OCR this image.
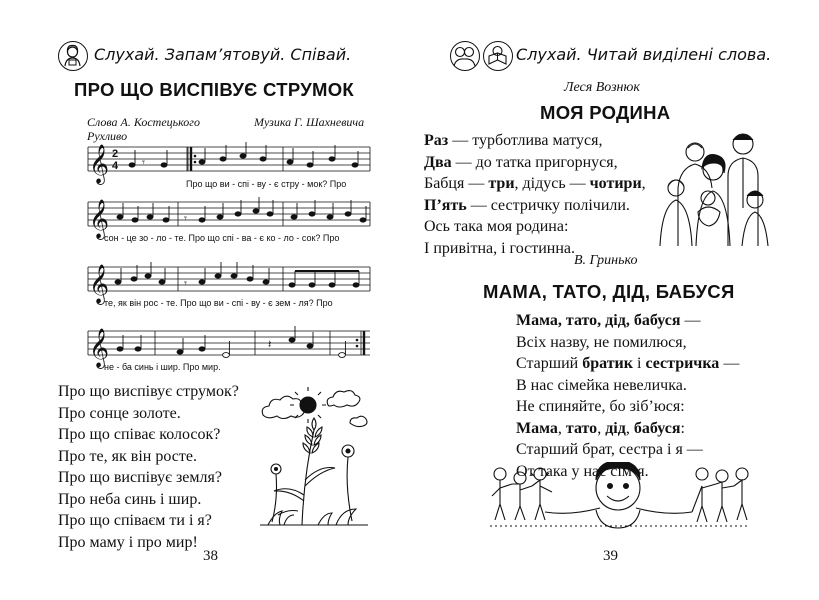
Слухай. Запам’ятовуй. Співай.
ПРО ЩО ВИСПІВУЄ СТРУМОК
Слова А. Костецького	Музика Г. Шахневича
Рухливо
𝄞
𝄞
𝄞
𝄞
2
4 𝄾
𝄾
𝄾
𝄽
Про що ви - спі - ву - є стру - мок? Про
сон - це зо - ло - те. Про що спі - ва - є ко - ло - сок? Про
те, як він рос - те. Про що ви - спі - ву - є зем - ля? Про
не - ба синь і шир. Про мир.
Про що виспівує струмок?
Про сонце золоте.
Про що співає колосок?
Про те, як він росте.
Про що виспівує земля?
Про неба синь і шир.
Про що співаєм ти і я?
Про маму і про мир!
38
Слухай. Читай виділені слова.
Леся Вознюк
МОЯ РОДИНА
Раз — турботлива матуся,
Два — до татка пригорнуся,
Бабця — три, дідусь — чотири,
П’ять — сестричку полічили.
Ось така моя родина:
І привітна, і гостинна.
В. Гринько
МАМА, ТАТО, ДІД, БАБУСЯ
Мама, тато, дід, бабуся —
Всіх назву, не помилюся,
Старший братик і сестричка —
В нас сімейка невеличка.
Не спиняйте, бо зіб’юся:
Мама, тато, дід, бабуся:
Старший брат, сестра і я —
От така у нас сім’я.
39
